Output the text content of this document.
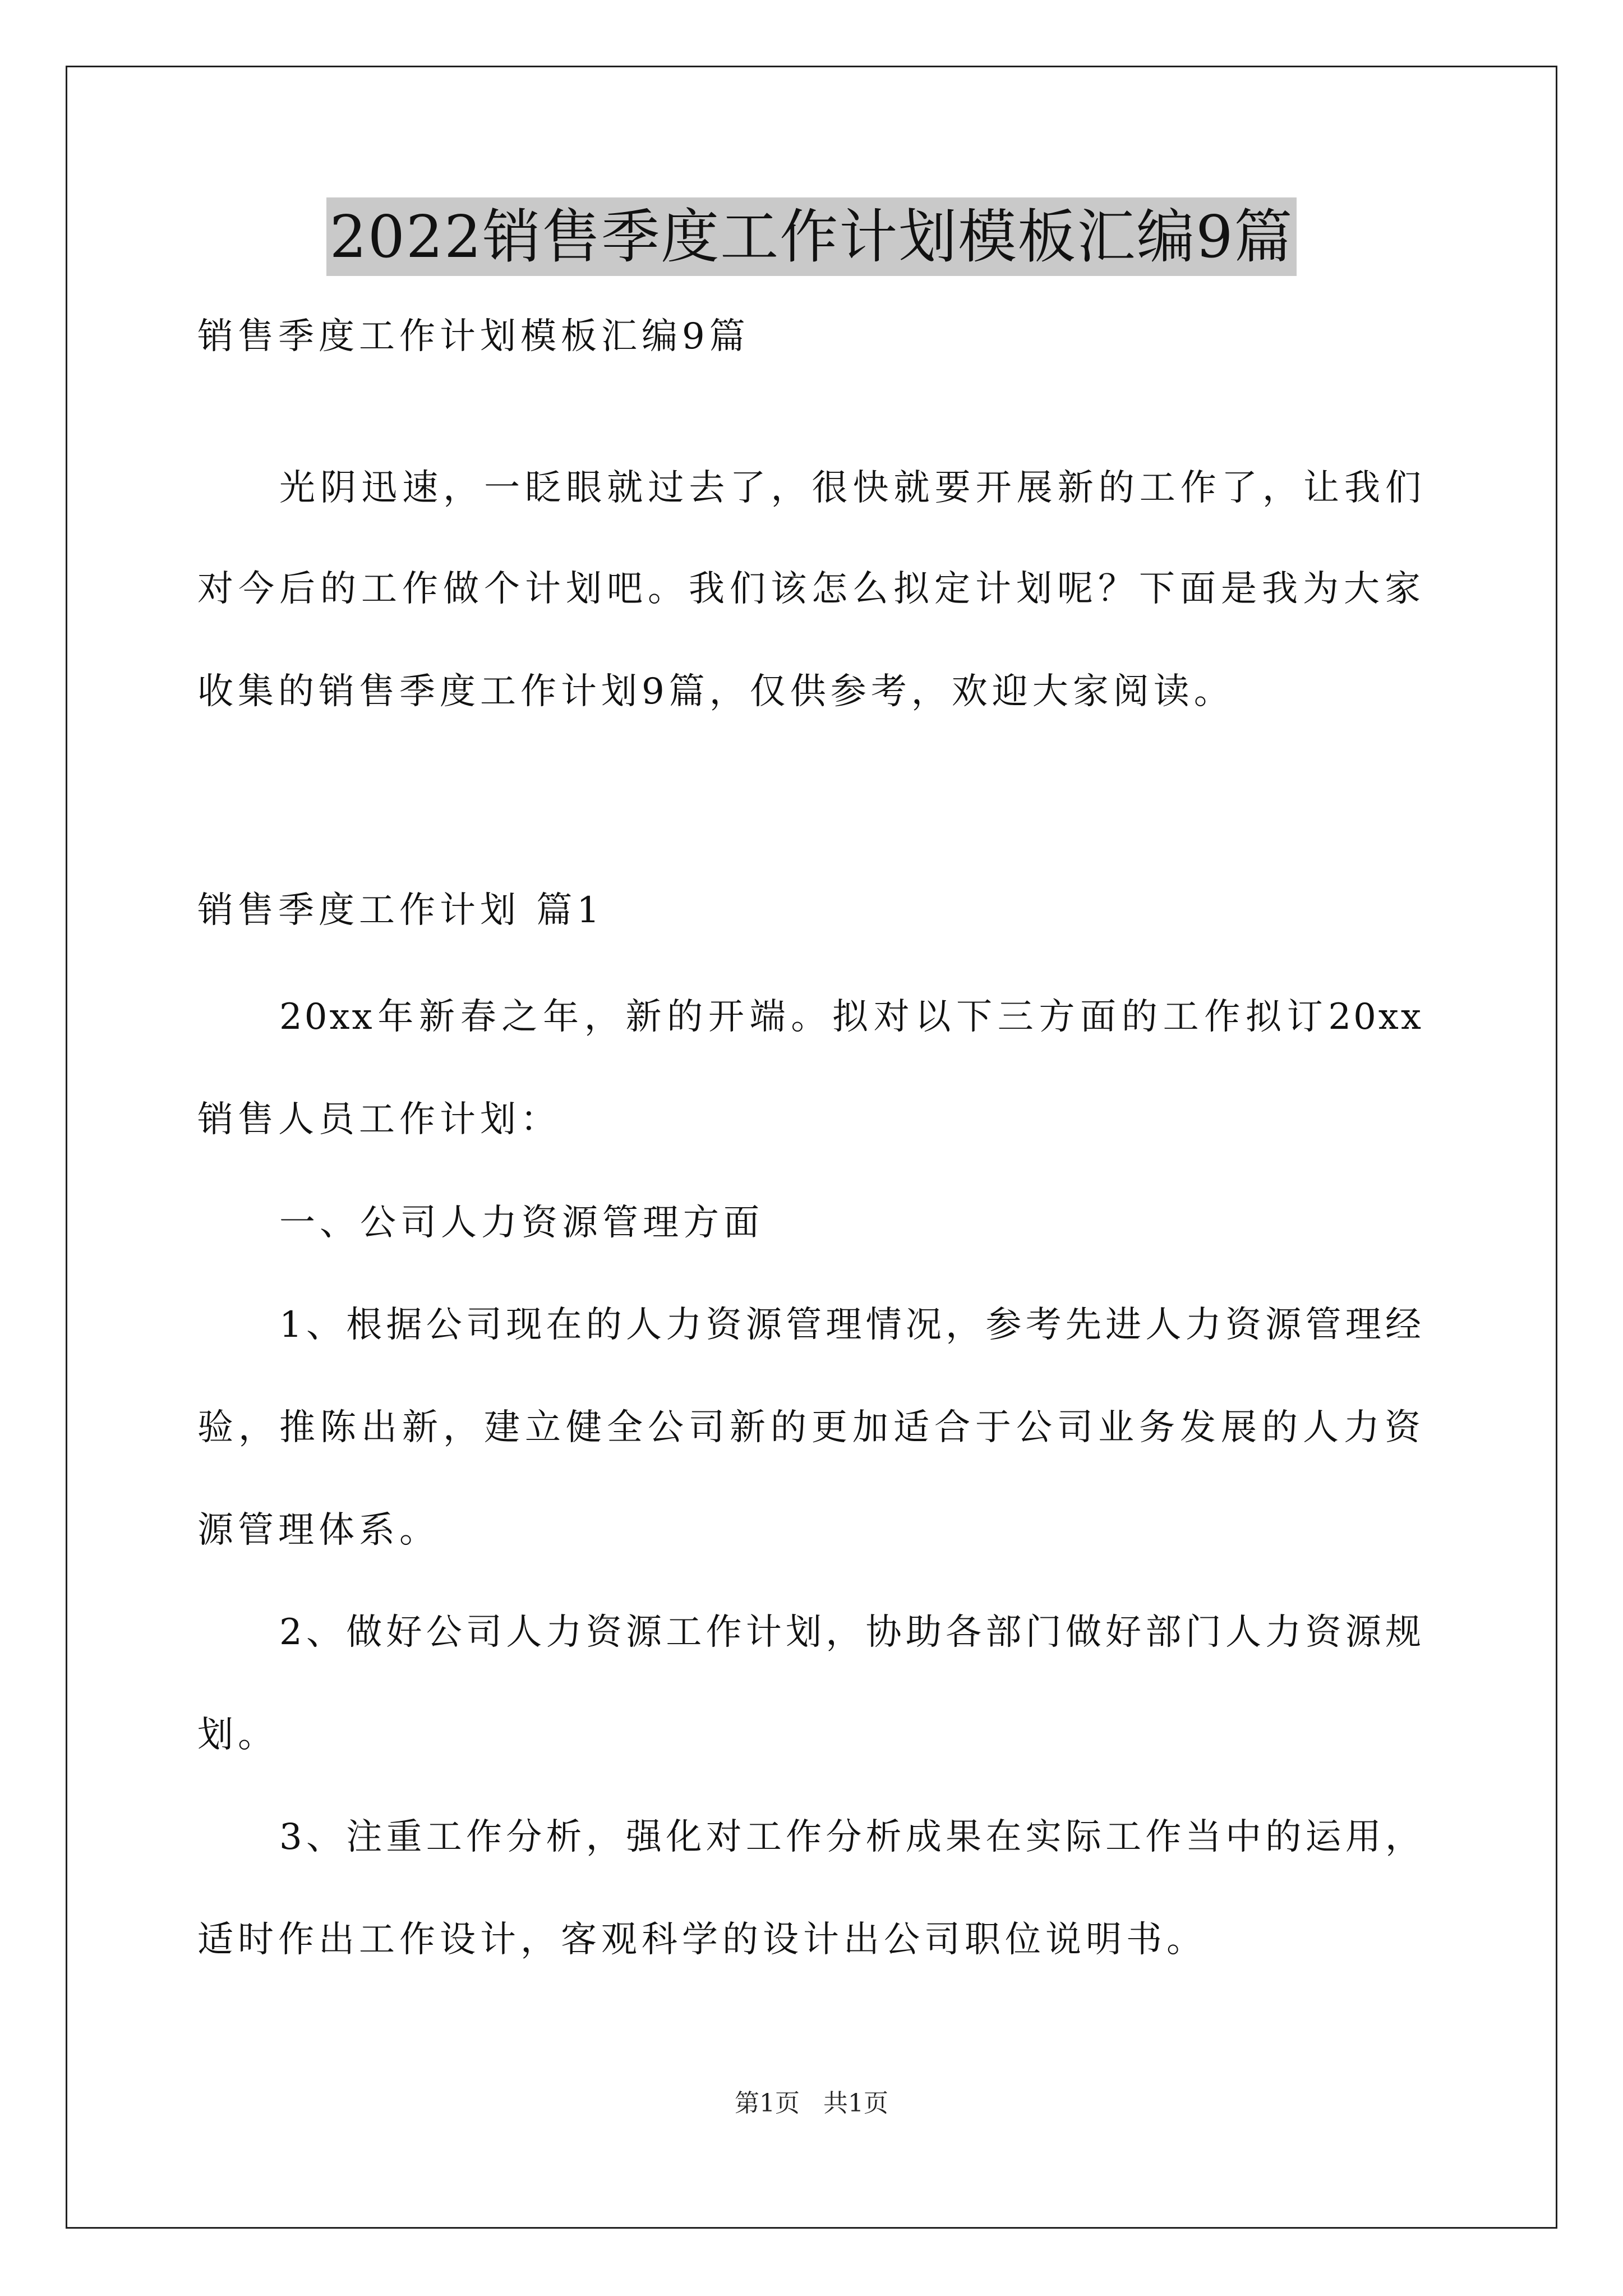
2022销售季度工作计划模板汇编9篇
销售季度工作计划模板汇编9篇
光阴迅速，一眨眼就过去了，很快就要开展新的工作了，让我们
对今后的工作做个计划吧。我们该怎么拟定计划呢？下面是我为大家
收集的销售季度工作计划9篇，仅供参考，欢迎大家阅读。
销售季度工作计划 篇1
20xx年新春之年，新的开端。拟对以下三方面的工作拟订20xx
销售人员工作计划：
一、公司人力资源管理方面
1、根据公司现在的人力资源管理情况，参考先进人力资源管理经
验，推陈出新，建立健全公司新的更加适合于公司业务发展的人力资
源管理体系。
2、做好公司人力资源工作计划，协助各部门做好部门人力资源规
划。
3、注重工作分析，强化对工作分析成果在实际工作当中的运用，
适时作出工作设计，客观科学的设计出公司职位说明书。
第1页 共1页
